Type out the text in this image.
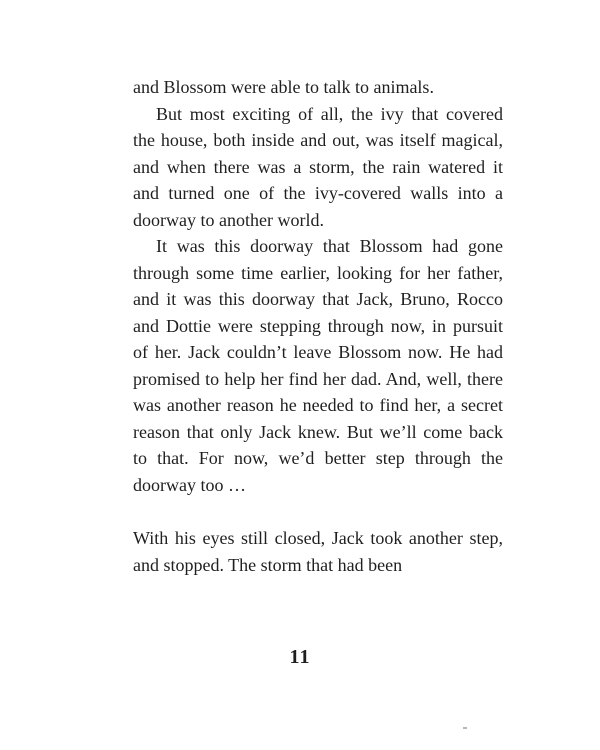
and Blossom were able to talk to animals.

But most exciting of all, the ivy that covered the house, both inside and out, was itself magical, and when there was a storm, the rain watered it and turned one of the ivy-covered walls into a doorway to another world.

It was this doorway that Blossom had gone through some time earlier, looking for her father, and it was this doorway that Jack, Bruno, Rocco and Dottie were stepping through now, in pursuit of her. Jack couldn’t leave Blossom now. He had promised to help her find her dad. And, well, there was another reason he needed to find her, a secret reason that only Jack knew. But we’ll come back to that. For now, we’d better step through the doorway too …

With his eyes still closed, Jack took another step, and stopped. The storm that had been

11
